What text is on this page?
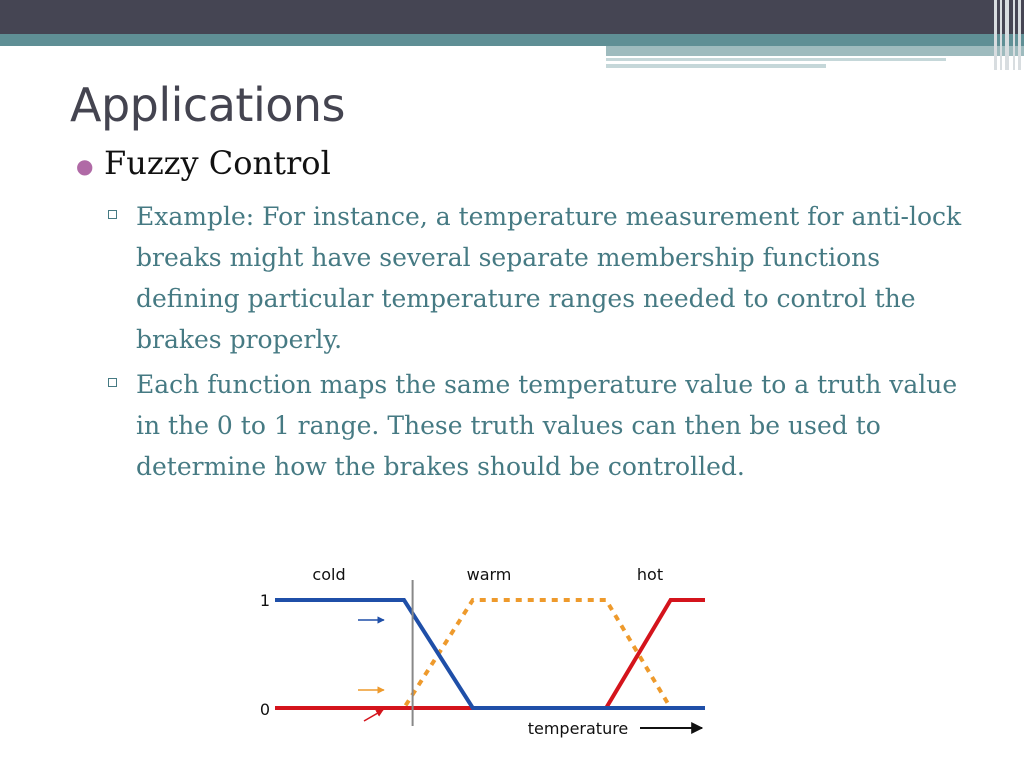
Applications
● Fuzzy Control
Example: For instance, a temperature measurement for anti-lock breaks might have several separate membership functions defining particular temperature ranges needed to control the brakes properly.
Each function maps the same temperature value to a truth value in the 0 to 1 range. These truth values can then be used to determine how the brakes should be controlled.
cold	warm	hot
1
0
temperature
